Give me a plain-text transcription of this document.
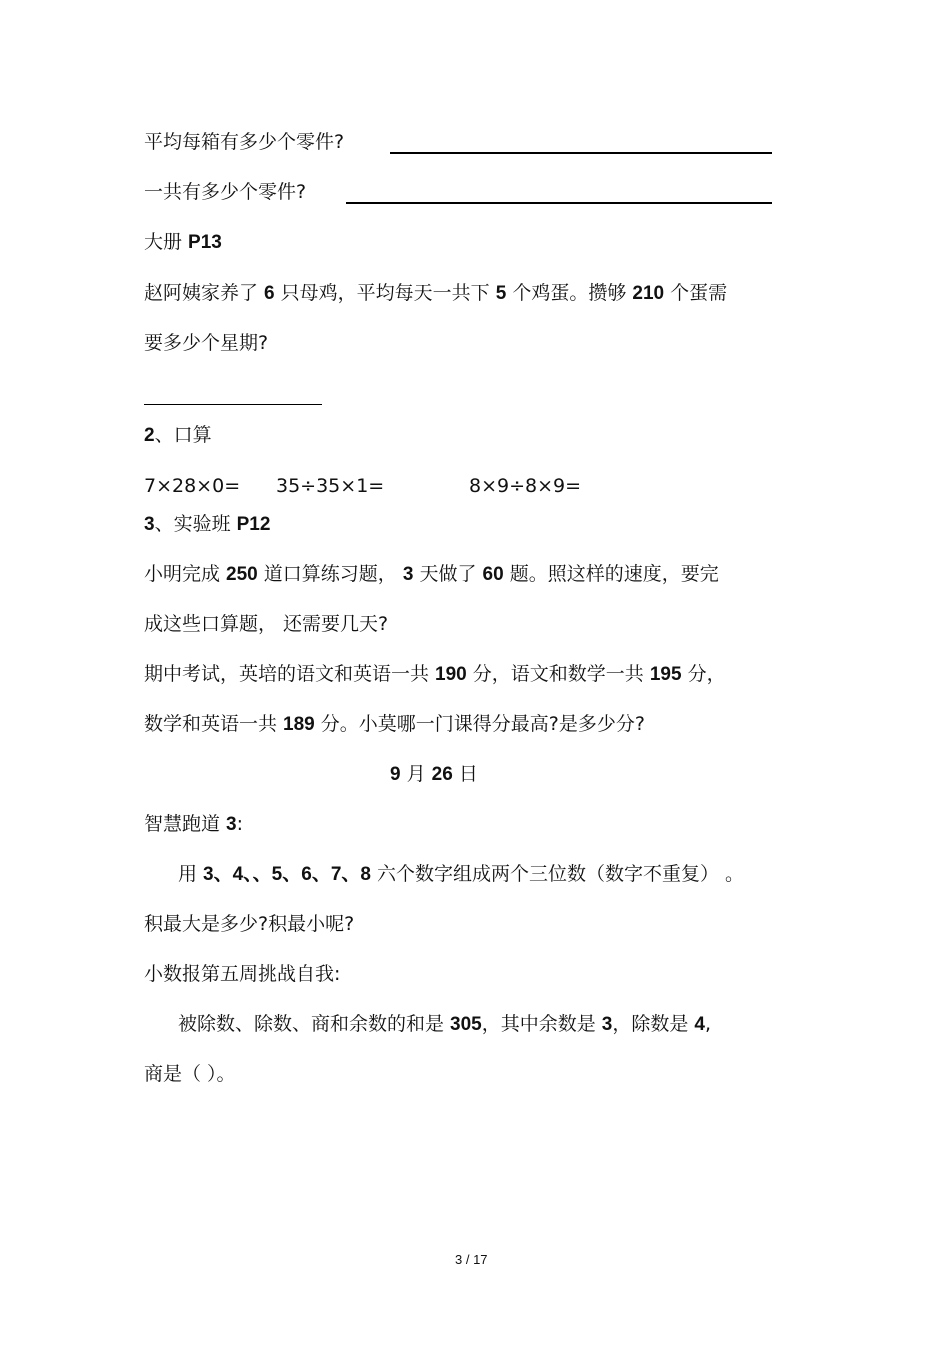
平均每箱有多少个零件?
一共有多少个零件?
大册 P13
赵阿姨家养了 6 只母鸡，平均每天一共下 5 个鸡蛋。攒够 210 个蛋需
要多少个星期?
2、口算
7×28×0= 35÷35×1=	8×9÷8×9=
3、实验班 P12
小明完成 250 道口算练习题， 3 天做了 60 题。照这样的速度，要完
成这些口算题， 还需要几天?
期中考试，英培的语文和英语一共 190 分，语文和数学一共 195 分，
数学和英语一共 189 分。小莫哪一门课得分最高?是多少分?
9 月 26 日
智慧跑道 3:
用 3、4、、5、6、7、8 六个数字组成两个三位数（数字不重复） 。
积最大是多少?积最小呢?
小数报第五周挑战自我:
被除数、除数、商和余数的和是 305，其中余数是 3，除数是 4,
商是（ ）。
3 / 17
